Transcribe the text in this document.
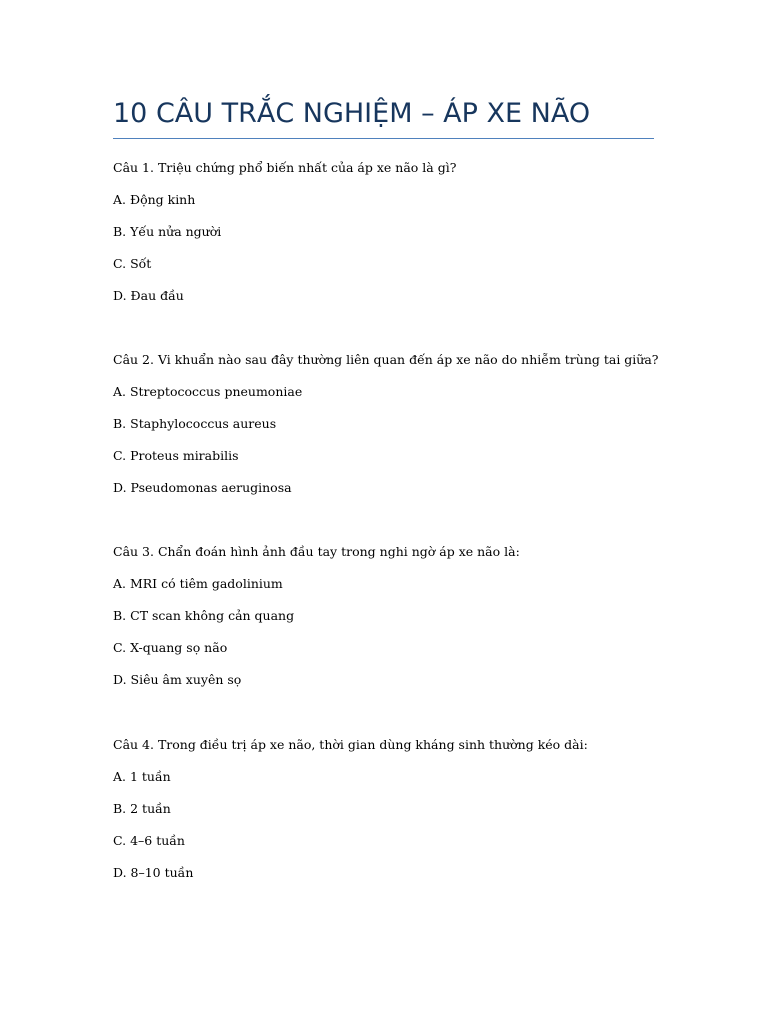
10 CÂU TRẮC NGHIỆM – ÁP XE NÃO
Câu 1. Triệu chứng phổ biến nhất của áp xe não là gì?
A. Động kinh
B. Yếu nửa người
C. Sốt
D. Đau đầu
Câu 2. Vi khuẩn nào sau đây thường liên quan đến áp xe não do nhiễm trùng tai giữa?
A. Streptococcus pneumoniae
B. Staphylococcus aureus
C. Proteus mirabilis
D. Pseudomonas aeruginosa
Câu 3. Chẩn đoán hình ảnh đầu tay trong nghi ngờ áp xe não là:
A. MRI có tiêm gadolinium
B. CT scan không cản quang
C. X-quang sọ não
D. Siêu âm xuyên sọ
Câu 4. Trong điều trị áp xe não, thời gian dùng kháng sinh thường kéo dài:
A. 1 tuần
B. 2 tuần
C. 4–6 tuần
D. 8–10 tuần
